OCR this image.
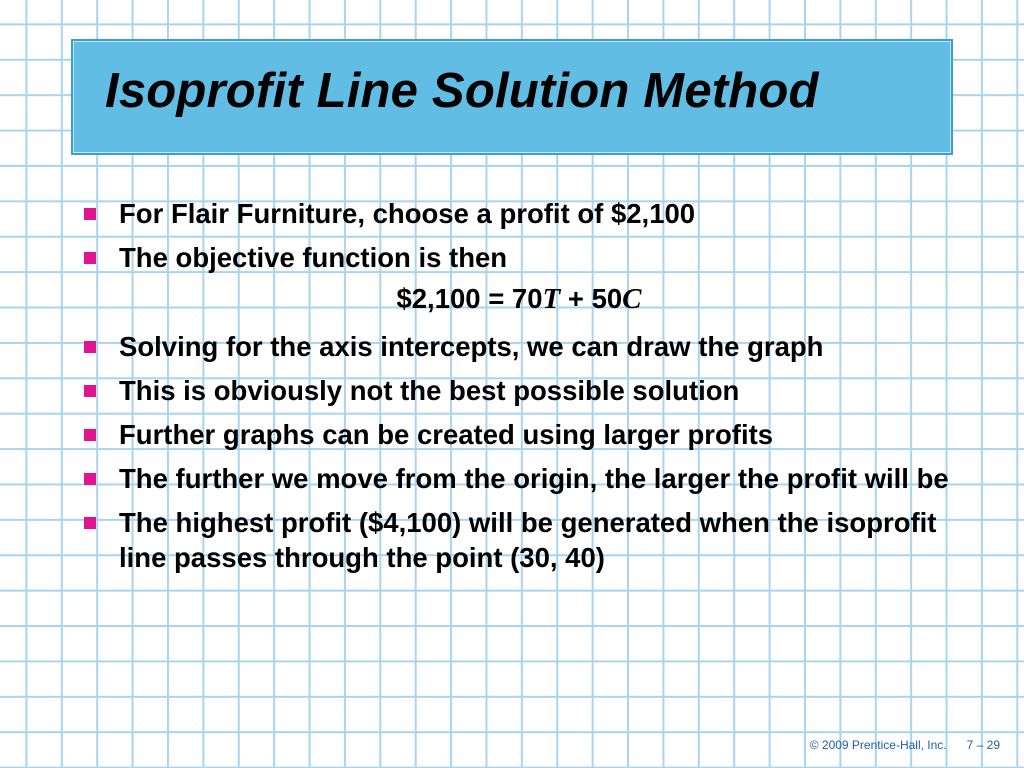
Isoprofit Line Solution Method
For Flair Furniture, choose a profit of $2,100
The objective function is then
$2,100 = 70T + 50C
Solving for the axis intercepts, we can draw the graph
This is obviously not the best possible solution
Further graphs can be created using larger profits
The further we move from the origin, the larger the profit will be
The highest profit ($4,100) will be generated when the isoprofit line passes through the point (30, 40)
© 2009 Prentice-Hall, Inc. 7 – 29
